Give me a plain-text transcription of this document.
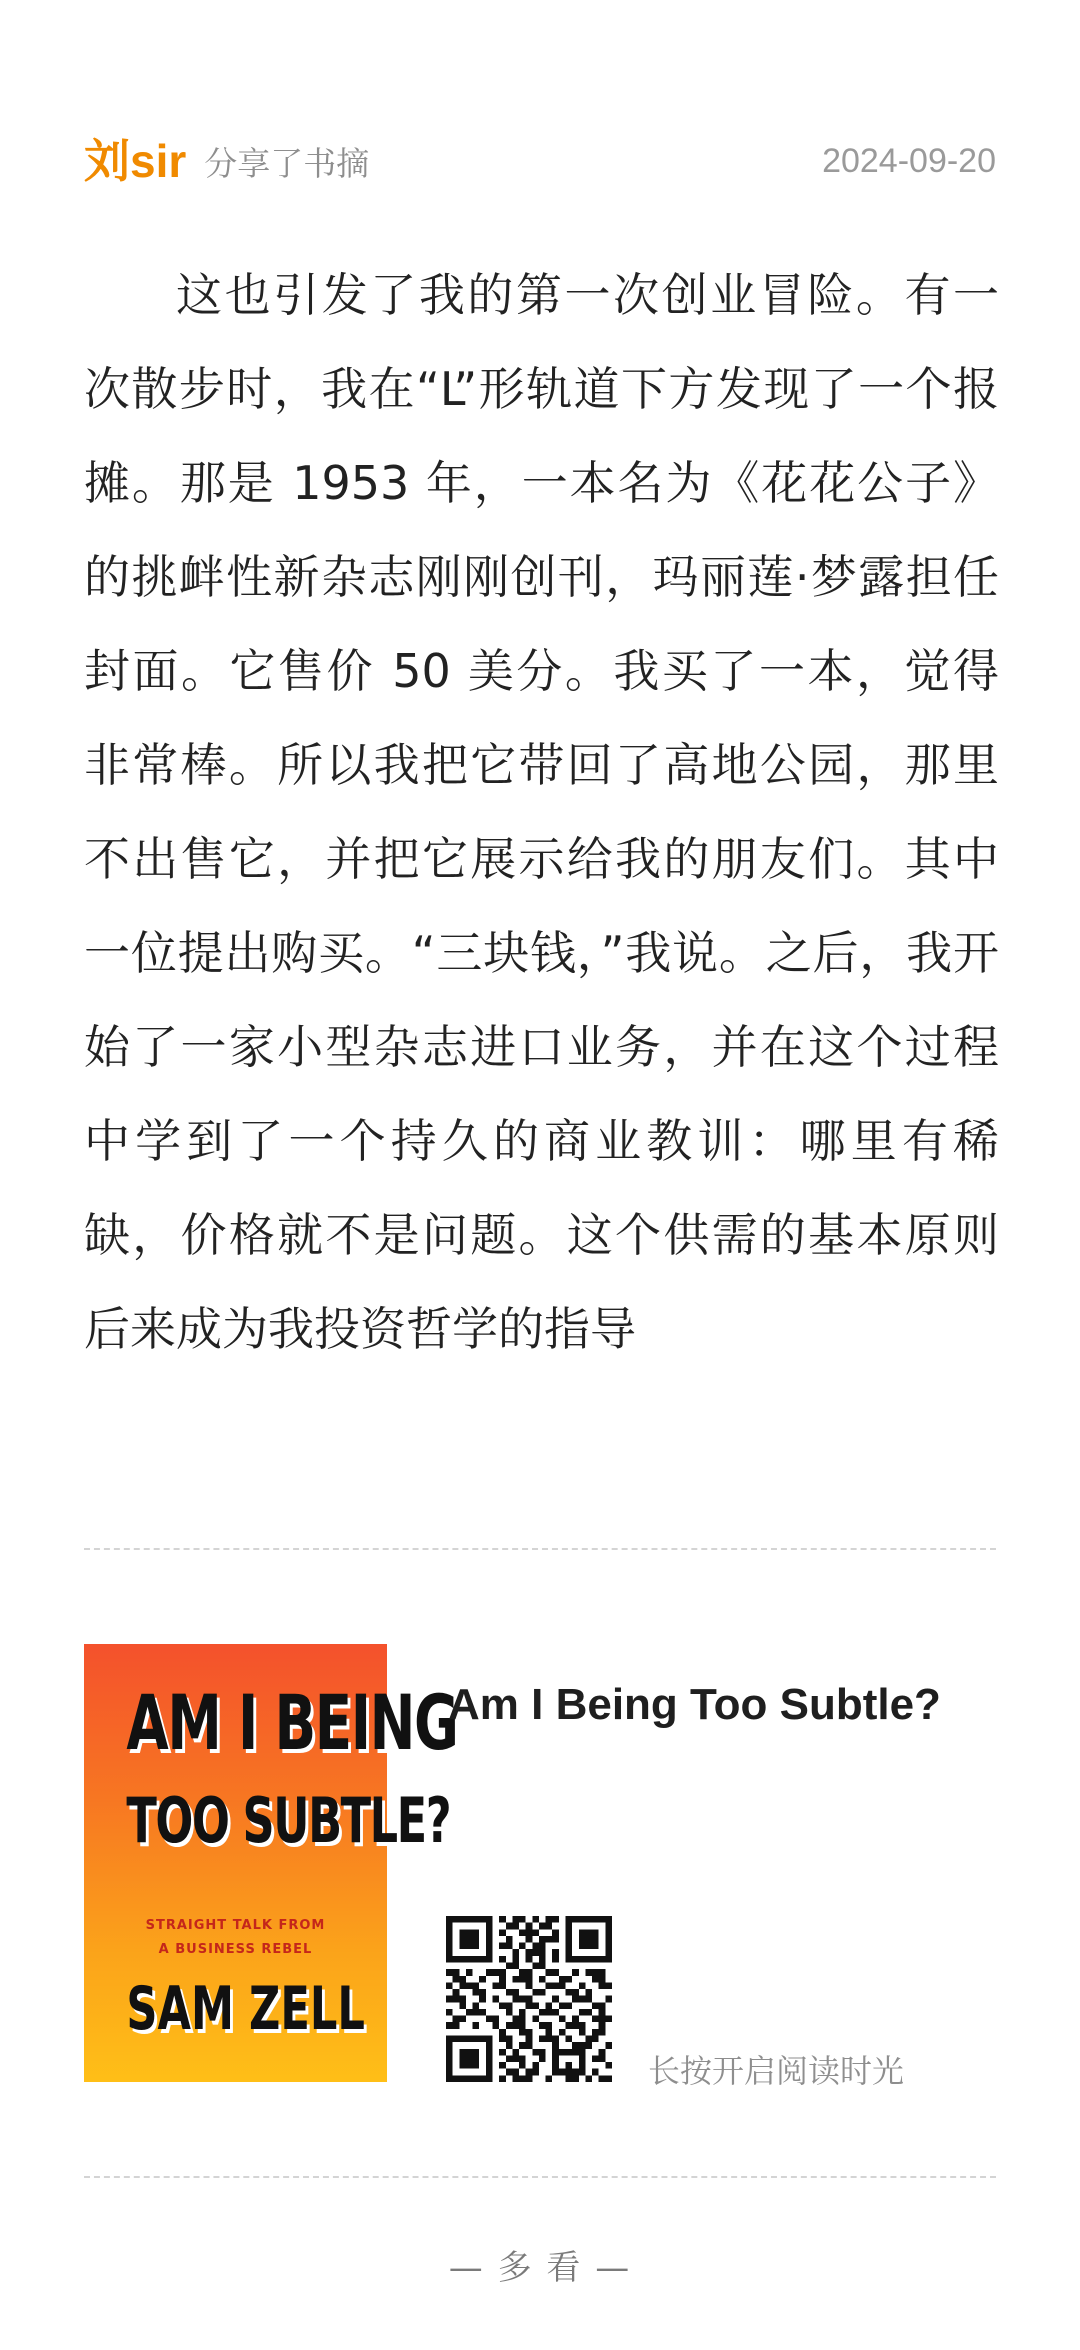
刘sir 分享了书摘	2024-09-20

这也引发了我的第一次创业冒险。有一次散步时，我在“L”形轨道下方发现了一个报摊。那是 1953 年，一本名为《花花公子》的挑衅性新杂志刚刚创刊，玛丽莲·梦露担任封面。它售价 50 美分。我买了一本，觉得非常棒。所以我把它带回了高地公园，那里不出售它，并把它展示给我的朋友们。其中一位提出购买。“三块钱，”我说。之后，我开始了一家小型杂志进口业务，并在这个过程中学到了一个持久的商业教训：哪里有稀缺，价格就不是问题。这个供需的基本原则后来成为我投资哲学的指导

AM I BEING
TOO SUBTLE?
STRAIGHT TALK FROM
A BUSINESS REBEL
SAM ZELL
Am I Being Too Subtle?
长按开启阅读时光
— 多 看 —
